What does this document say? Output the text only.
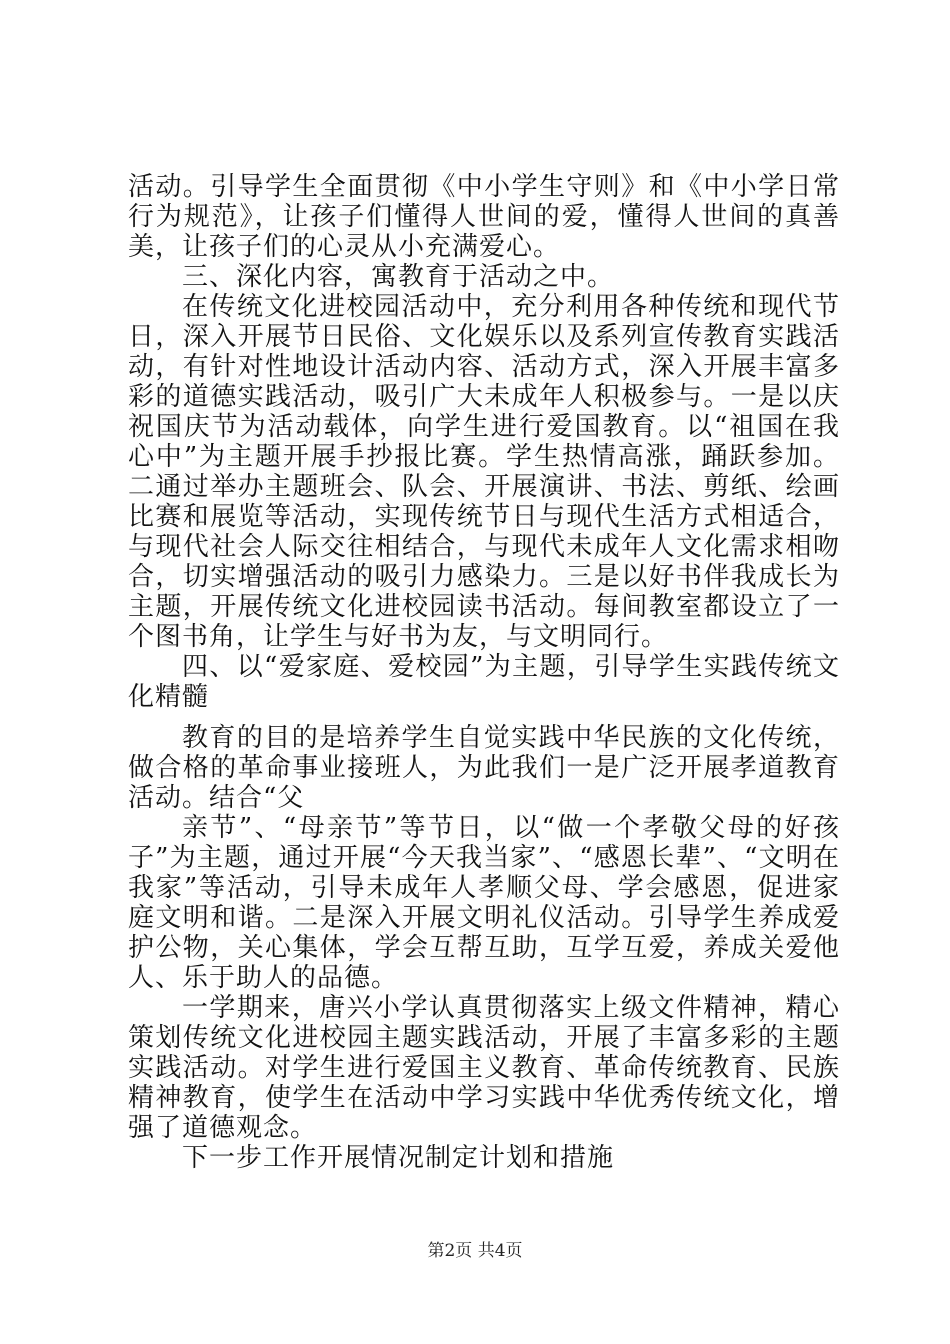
活动。引导学生全面贯彻《中小学生守则》和《中小学日常行为规范》，让孩子们懂得人世间的爱，懂得人世间的真善美，让孩子们的心灵从小充满爱心。

三、深化内容，寓教育于活动之中。

在传统文化进校园活动中，充分利用各种传统和现代节日，深入开展节日民俗、文化娱乐以及系列宣传教育实践活动，有针对性地设计活动内容、活动方式，深入开展丰富多彩的道德实践活动，吸引广大未成年人积极参与。一是以庆祝国庆节为活动载体，向学生进行爱国教育。以“祖国在我心中”为主题开展手抄报比赛。学生热情高涨，踊跃参加。二通过举办主题班会、队会、开展演讲、书法、剪纸、绘画比赛和展览等活动，实现传统节日与现代生活方式相适合，与现代社会人际交往相结合，与现代未成年人文化需求相吻合，切实增强活动的吸引力感染力。三是以好书伴我成长为主题，开展传统文化进校园读书活动。每间教室都设立了一个图书角，让学生与好书为友，与文明同行。

四、以“爱家庭、爱校园”为主题，引导学生实践传统文化精髓

教育的目的是培养学生自觉实践中华民族的文化传统，做合格的革命事业接班人，为此我们一是广泛开展孝道教育活动。结合“父

亲节”、“母亲节”等节日，以“做一个孝敬父母的好孩子”为主题，通过开展“今天我当家”、“感恩长辈”、“文明在我家”等活动，引导未成年人孝顺父母、学会感恩，促进家庭文明和谐。二是深入开展文明礼仪活动。引导学生养成爱护公物，关心集体，学会互帮互助，互学互爱，养成关爱他人、乐于助人的品德。

一学期来，唐兴小学认真贯彻落实上级文件精神，精心策划传统文化进校园主题实践活动，开展了丰富多彩的主题实践活动。对学生进行爱国主义教育、革命传统教育、民族精神教育，使学生在活动中学习实践中华优秀传统文化，增强了道德观念。

下一步工作开展情况制定计划和措施

第2页 共4页
